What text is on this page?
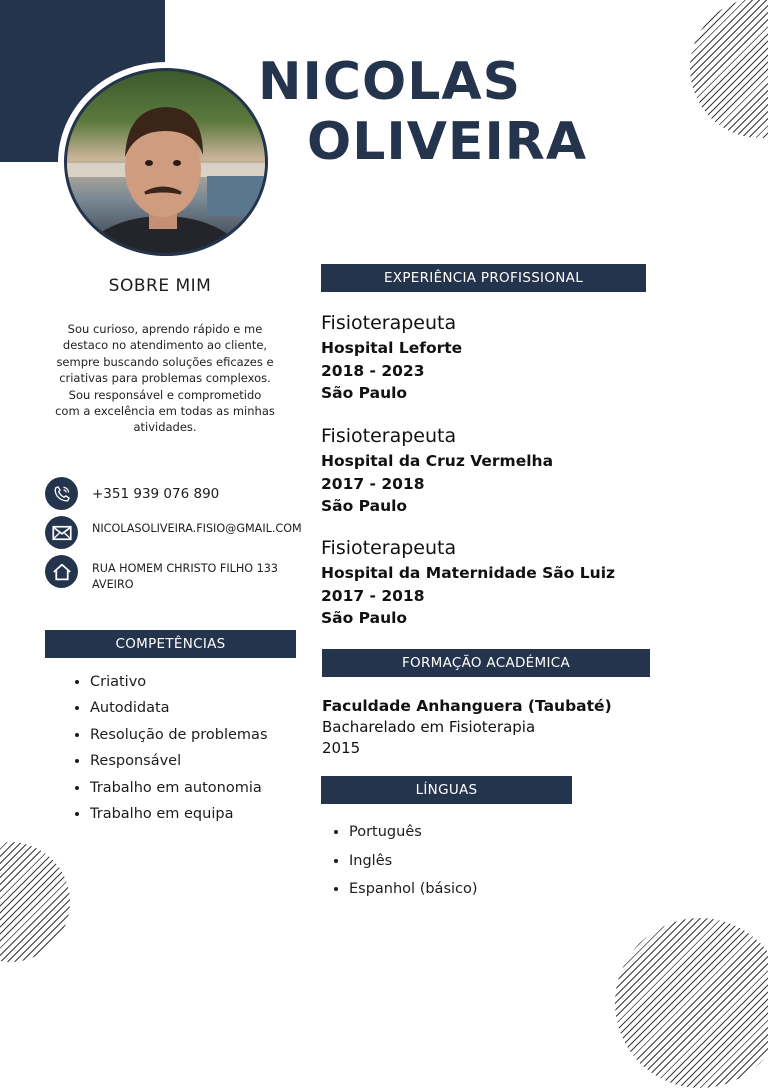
NICOLAS
OLIVEIRA
SOBRE MIM
Sou curioso, aprendo rápido e me destaco no atendimento ao cliente, sempre buscando soluções eficazes e criativas para problemas complexos. Sou responsável e comprometido com a excelência em todas as minhas atividades.
+351 939 076 890
NICOLASOLIVEIRA.FISIO@GMAIL.COM
RUA HOMEM CHRISTO FILHO 133
AVEIRO
COMPETÊNCIAS
• Criativo
• Autodidata
• Resolução de problemas
• Responsável
• Trabalho em autonomia
• Trabalho em equipa
EXPERIÊNCIA PROFISSIONAL
Fisioterapeuta
Hospital Leforte
2018 - 2023
São Paulo
Fisioterapeuta
Hospital da Cruz Vermelha
2017 - 2018
São Paulo
Fisioterapeuta
Hospital da Maternidade São Luiz
2017 - 2018
São Paulo
FORMAÇÃO ACADÉMICA
Faculdade Anhanguera (Taubaté)
Bacharelado em Fisioterapia
2015
LÍNGUAS
• Português
• Inglês
• Espanhol (básico)
